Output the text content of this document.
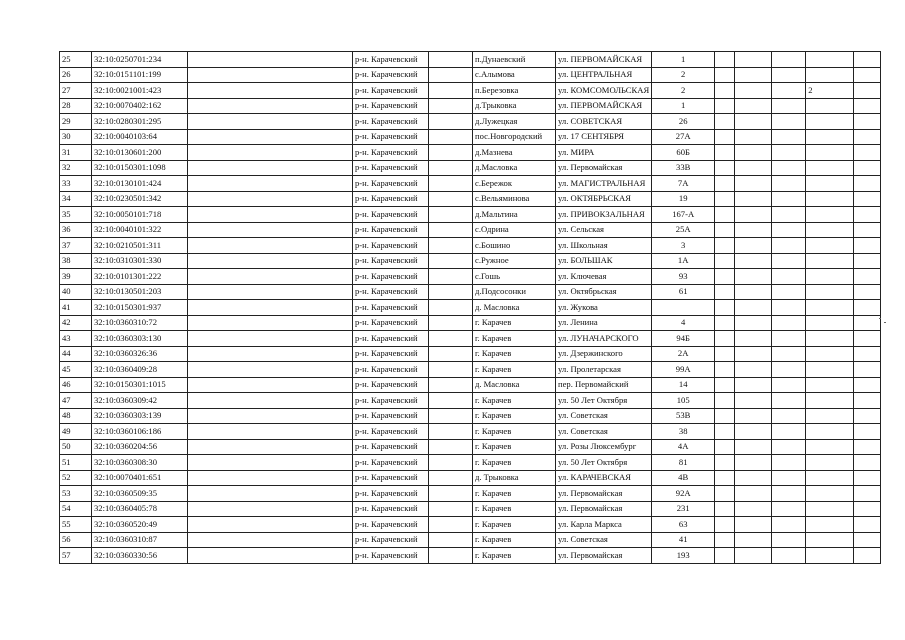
25	32:10:0250701:234		р-н. Карачевский		п.Дунаевский	ул. ПЕРВОМАЙСКАЯ	1					
26	32:10:0151101:199		р-н. Карачевский		с.Алымова	ул. ЦЕНТРАЛЬНАЯ	2					
27	32:10:0021001:423		р-н. Карачевский		п.Березовка	ул. КОМСОМОЛЬСКАЯ	2				2	
28	32:10:0070402:162		р-н. Карачевский		д.Трыковка	ул. ПЕРВОМАЙСКАЯ	1					
29	32:10:0280301:295		р-н. Карачевский		д.Лужецкая	ул. СОВЕТСКАЯ	26					
30	32:10:0040103:64		р-н. Карачевский		пос.Новгородский	ул. 17 СЕНТЯБРЯ	27А					
31	32:10:0130601:200		р-н. Карачевский		д.Мазнева	ул. МИРА	60Б					
32	32:10:0150301:1098		р-н. Карачевский		д.Масловка	ул. Первомайская	33В					
33	32:10:0130101:424		р-н. Карачевский		с.Бережок	ул. МАГИСТРАЛЬНАЯ	7А					
34	32:10:0230501:342		р-н. Карачевский		с.Вельяминова	ул. ОКТЯБРЬСКАЯ	19					
35	32:10:0050101:718		р-н. Карачевский		д.Мальтина	ул. ПРИВОКЗАЛЬНАЯ	167-А					
36	32:10:0040101:322		р-н. Карачевский		с.Одрина	ул. Сельская	25А					
37	32:10:0210501:311		р-н. Карачевский		с.Бошино	ул. Школьная	3					
38	32:10:0310301:330		р-н. Карачевский		с.Ружное	ул. БОЛЬШАК	1А					
39	32:10:0101301:222		р-н. Карачевский		с.Гошь	ул. Ключевая	93					
40	32:10:0130501:203		р-н. Карачевский		д.Подсосонки	ул. Октябрьская	61					
41	32:10:0150301:937		р-н. Карачевский		д. Масловка	ул. Жукова						
42	32:10:0360310:72		р-н. Карачевский		г. Карачев	ул. Ленина	4					
43	32:10:0360303:130		р-н. Карачевский		г. Карачев	ул. ЛУНАЧАРСКОГО	94Б					
44	32:10:0360326:36		р-н. Карачевский		г. Карачев	ул. Дзержинского	2А					
45	32:10:0360409:28		р-н. Карачевский		г. Карачев	ул. Пролетарская	99А					
46	32:10:0150301:1015		р-н. Карачевский		д. Масловка	пер. Первомайский	14					
47	32:10:0360309:42		р-н. Карачевский		г. Карачев	ул. 50 Лет Октября	105					
48	32:10:0360303:139		р-н. Карачевский		г. Карачев	ул. Советская	53В					
49	32:10:0360106:186		р-н. Карачевский		г. Карачев	ул. Советская	38					
50	32:10:0360204:56		р-н. Карачевский		г. Карачев	ул. Розы Люксембург	4А					
51	32:10:0360308:30		р-н. Карачевский		г. Карачев	ул. 50 Лет Октября	81					
52	32:10:0070401:651		р-н. Карачевский		д. Трыковка	ул. КАРАЧЕВСКАЯ	4В					
53	32:10:0360509:35		р-н. Карачевский		г. Карачев	ул. Первомайская	92А					
54	32:10:0360405:78		р-н. Карачевский		г. Карачев	ул. Первомайская	231					
55	32:10:0360520:49		р-н. Карачевский		г. Карачев	ул. Карла Маркса	63					
56	32:10:0360310:87		р-н. Карачевский		г. Карачев	ул. Советская	41					
57	32:10:0360330:56		р-н. Карачевский		г. Карачев	ул. Первомайская	193					
